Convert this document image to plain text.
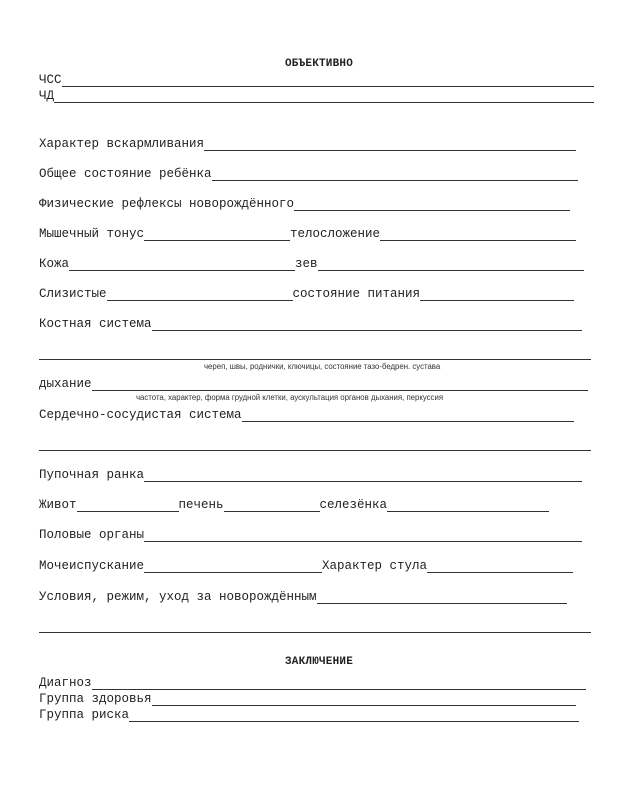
ОБЪЕКТИВНО
ЧСС
ЧД
Характер вскармливания
Общее состояние ребёнка
Физические рефлексы новорождённого
Мышечный тонус	телосложение
Кожа	зев
Слизистые	состояние питания
Костная система
череп, швы, роднички, ключицы, состояние тазо-бедрен. сустава
дыхание
частота, характер, форма грудной клетки, аускультация органов дыхания, перкуссия
Сердечно-сосудистая система
Пупочная ранка
Живот	печень	селезёнка
Половые органы
Мочеиспускание	Характер стула
Условия, режим, уход за новорождённым
ЗАКЛЮЧЕНИЕ
Диагноз
Группа здоровья
Группа риска
